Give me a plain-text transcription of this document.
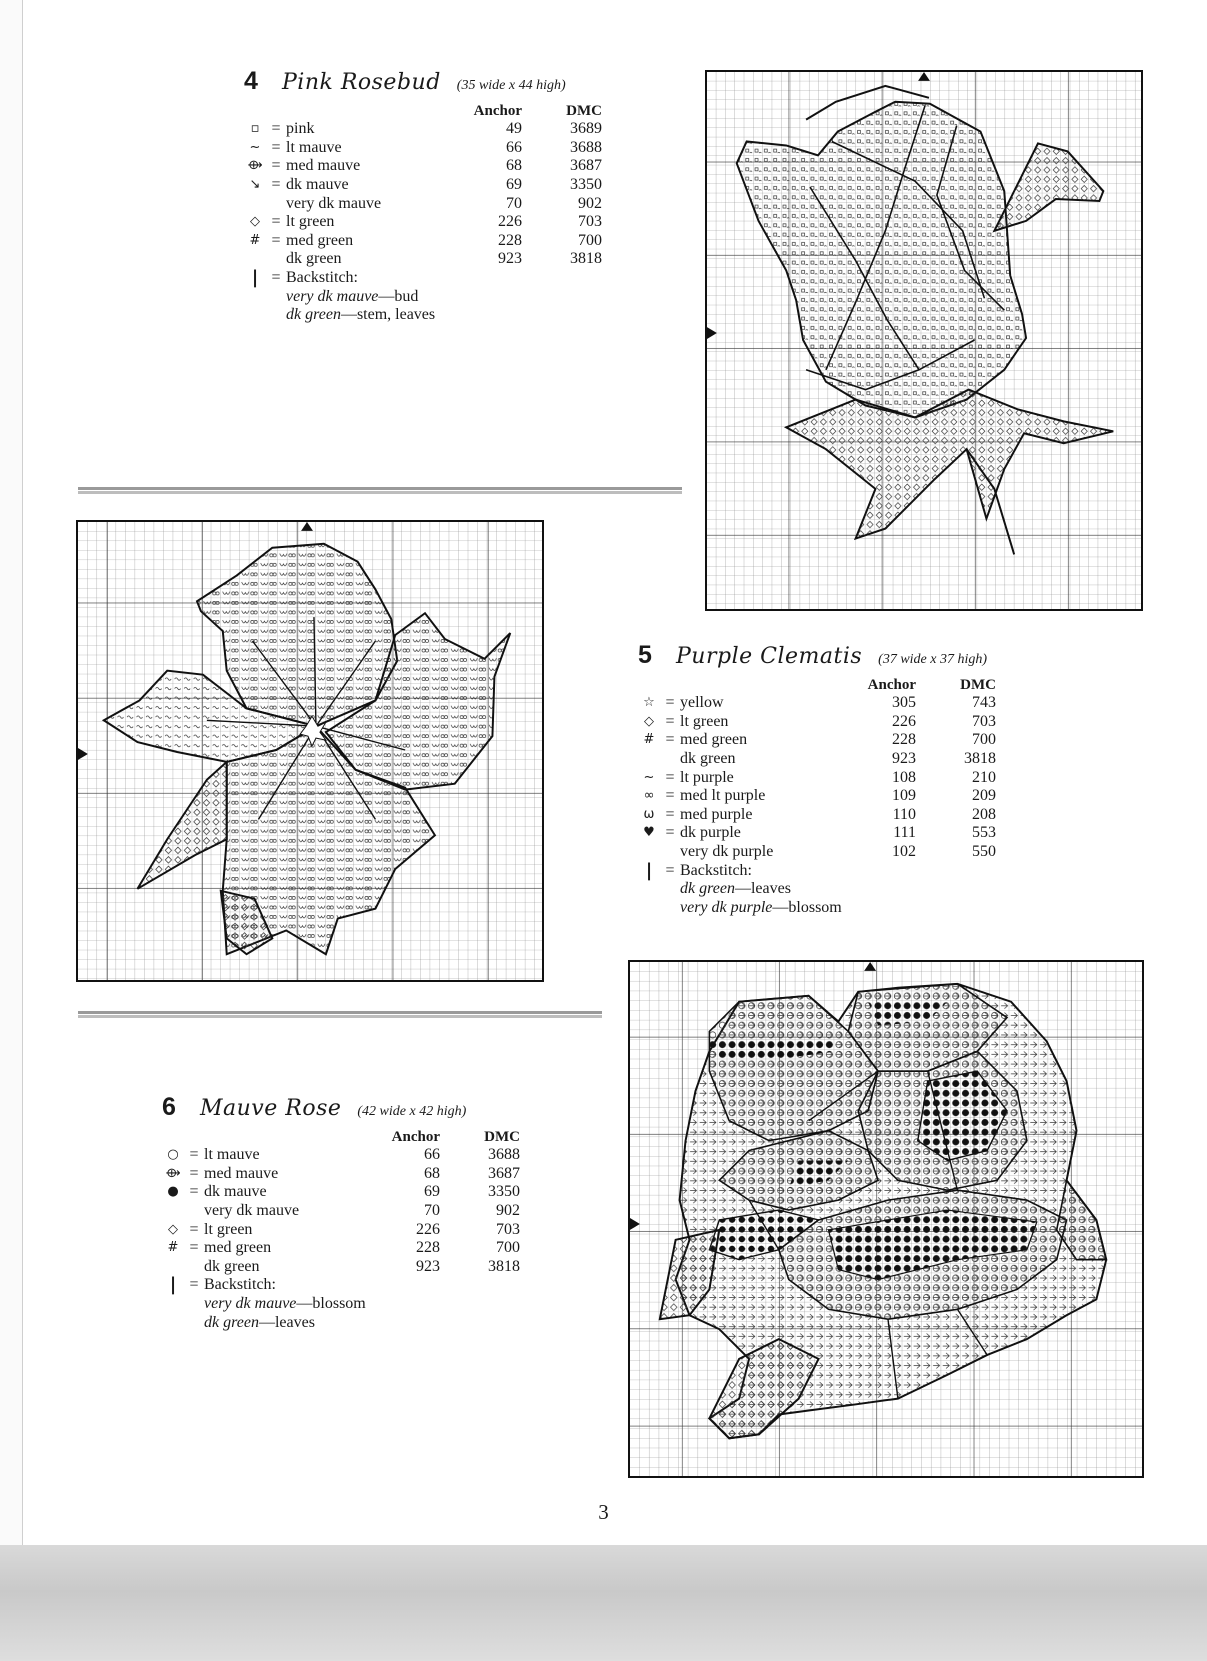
4	Pink Rosebud (35 wide x 44 high)
Anchor	DMC
▫ = pink	49	3689
~ = lt mauve	66	3688
⟴ = med mauve	68	3687
↘ = dk mauve	69	3350
very dk mauve	70	902
◇ = lt green	226	703
# = med green	228	700
dk green	923	3818
| = Backstitch:
very dk mauve—bud
dk green—stem, leaves
5	Purple Clematis (37 wide x 37 high)
Anchor	DMC
☆ = yellow	305	743
◇ = lt green	226	703
# = med green	228	700
dk green	923	3818
~ = lt purple	108	210
∞ = med lt purple	109	209
ω = med purple	110	208
♥ = dk purple	111	553
very dk purple	102	550
| = Backstitch:
dk green—leaves
very dk purple—blossom
6	Mauve Rose (42 wide x 42 high)
Anchor	DMC
○ = lt mauve	66	3688
⟴ = med mauve	68	3687
● = dk mauve	69	3350
very dk mauve	70	902
◇ = lt green	226	703
# = med green	228	700
dk green	923	3818
| = Backstitch:
very dk mauve—blossom
dk green—leaves
3
